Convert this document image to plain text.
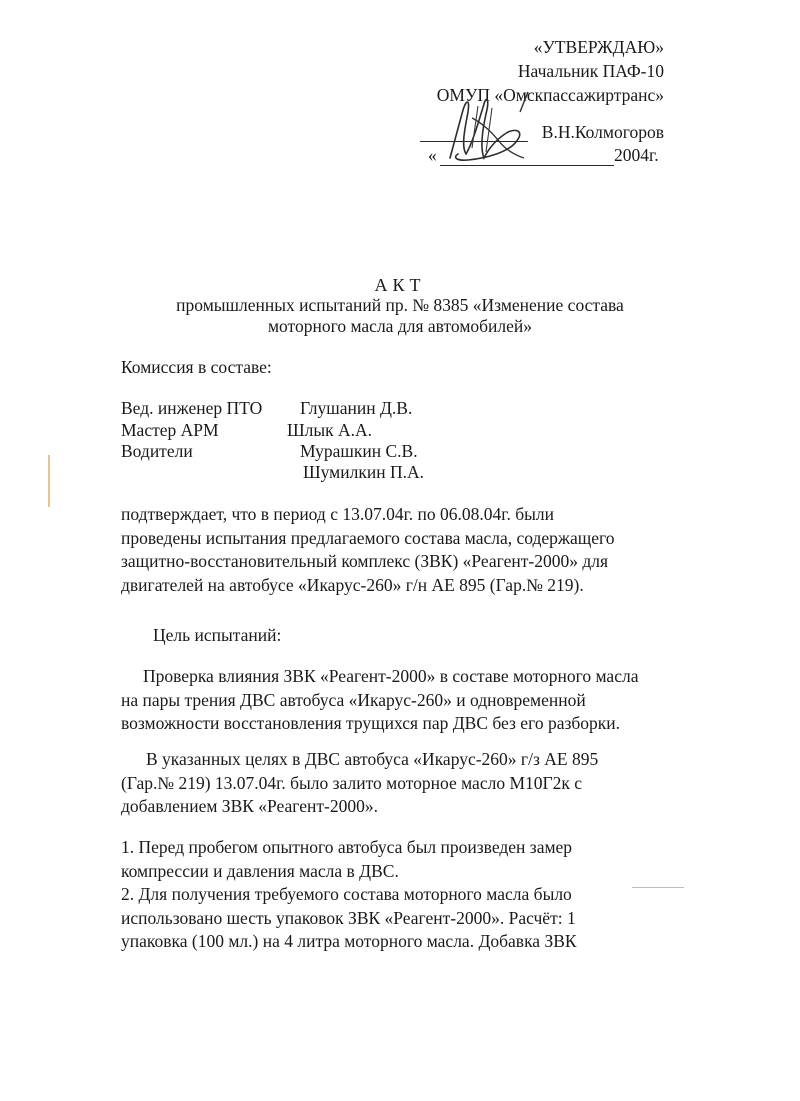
«УТВЕРЖДАЮ»
Начальник ПАФ-10
ОМУП «Омскпассажиртранс»
В.Н.Колмогоров
«	2004г.
АКТ
промышленных испытаний пр. № 8385 «Изменение состава
моторного масла для автомобилей»
Комиссия в составе:
Вед. инженер ПТО Глушанин Д.В.
Мастер АРМ	Шлык А.А.
Водители	Мурашкин С.В.
Шумилкин П.А.
подтверждает, что в период с 13.07.04г. по 06.08.04г. были
проведены испытания предлагаемого состава масла, содержащего
защитно-восстановительный комплекс (ЗВК) «Реагент-2000» для
двигателей на автобусе «Икарус-260» г/н АЕ 895 (Гар.№ 219).
Цель испытаний:
Проверка влияния ЗВК «Реагент-2000» в составе моторного масла
на пары трения ДВС автобуса «Икарус-260» и одновременной
возможности восстановления трущихся пар ДВС без его разборки.
В указанных целях в ДВС автобуса «Икарус-260» г/з АЕ 895
(Гар.№ 219) 13.07.04г. было залито моторное масло М10Г2к с
добавлением ЗВК «Реагент-2000».
1. Перед пробегом опытного автобуса был произведен замер
компрессии и давления масла в ДВС.
2. Для получения требуемого состава моторного масла было
использовано шесть упаковок ЗВК «Реагент-2000». Расчёт: 1
упаковка (100 мл.) на 4 литра моторного масла. Добавка ЗВК
